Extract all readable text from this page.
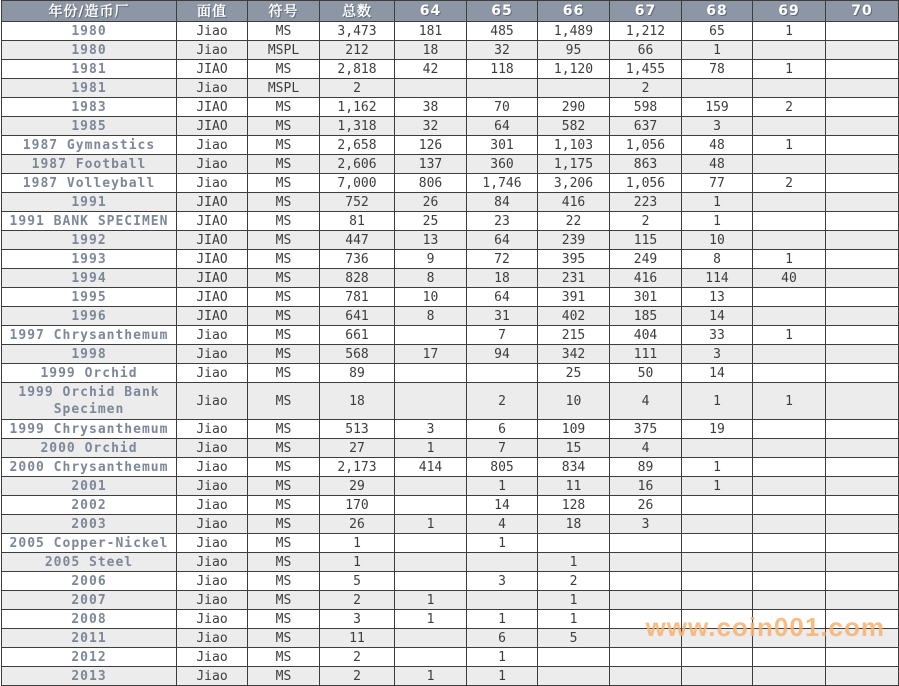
年份/造币厂	面值	符号	总数	64	65	66	67	68	69	70
1980	Jiao	MS	3,473	181	485	1,489	1,212	65	1	
1980	Jiao	MSPL	212	18	32	95	66	1		
1981	JIAO	MS	2,818	42	118	1,120	1,455	78	1	
1981	Jiao	MSPL	2				2			
1983	JIAO	MS	1,162	38	70	290	598	159	2	
1985	JIAO	MS	1,318	32	64	582	637	3		
1987 Gymnastics	Jiao	MS	2,658	126	301	1,103	1,056	48	1	
1987 Football	Jiao	MS	2,606	137	360	1,175	863	48		
1987 Volleyball	Jiao	MS	7,000	806	1,746	3,206	1,056	77	2	
1991	JIAO	MS	752	26	84	416	223	1		
1991 BANK SPECIMEN	JIAO	MS	81	25	23	22	2	1		
1992	JIAO	MS	447	13	64	239	115	10		
1993	JIAO	MS	736	9	72	395	249	8	1	
1994	JIAO	MS	828	8	18	231	416	114	40	
1995	JIAO	MS	781	10	64	391	301	13		
1996	JIAO	MS	641	8	31	402	185	14		
1997 Chrysanthemum	Jiao	MS	661		7	215	404	33	1	
1998	Jiao	MS	568	17	94	342	111	3		
1999 Orchid	Jiao	MS	89			25	50	14		
1999 Orchid Bank Specimen	Jiao	MS	18		2	10	4	1	1	
1999 Chrysanthemum	Jiao	MS	513	3	6	109	375	19		
2000 Orchid	Jiao	MS	27	1	7	15	4			
2000 Chrysanthemum	Jiao	MS	2,173	414	805	834	89	1		
2001	Jiao	MS	29		1	11	16	1		
2002	Jiao	MS	170		14	128	26			
2003	Jiao	MS	26	1	4	18	3			
2005 Copper-Nickel	Jiao	MS	1		1					
2005 Steel	Jiao	MS	1			1				
2006	Jiao	MS	5		3	2				
2007	Jiao	MS	2	1		1				
2008	Jiao	MS	3	1	1	1				
2011	Jiao	MS	11		6	5				
2012	Jiao	MS	2		1					
2013	Jiao	MS	2	1	1					
www.coin001.com
